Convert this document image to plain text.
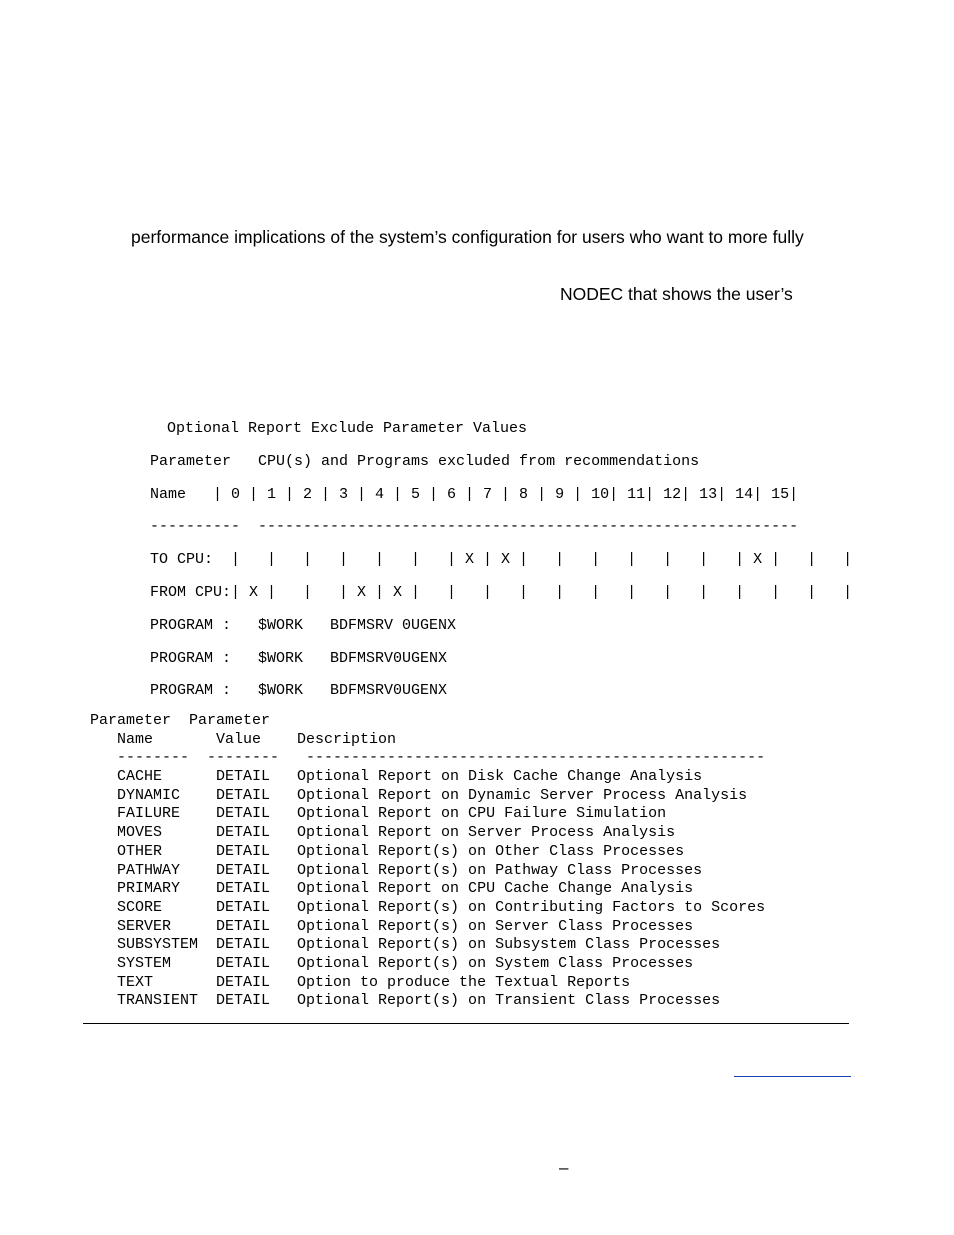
performance implications of the system’s configuration for users who want to more fully
NODEC that shows the user’s
Optional Report Exclude Parameter Values
Parameter   CPU(s) and Programs excluded from recommendations
Name   | 0 | 1 | 2 | 3 | 4 | 5 | 6 | 7 | 8 | 9 | 10| 11| 12| 13| 14| 15|
----------  ------------------------------------------------------------
TO CPU:  |   |   |   |   |   |   | X | X |   |   |   |   |   |   | X |   |   |
FROM CPU:| X |   |   | X | X |   |   |   |   |   |   |   |   |   |   |   |   |
PROGRAM :   $WORK   BDFMSRV 0UGENX
PROGRAM :   $WORK   BDFMSRV0UGENX
PROGRAM :   $WORK   BDFMSRV0UGENX
Parameter  Parameter
Name       Value    Description
--------  --------   ---------------------------------------------------
CACHE      DETAIL   Optional Report on Disk Cache Change Analysis
DYNAMIC    DETAIL   Optional Report on Dynamic Server Process Analysis
FAILURE    DETAIL   Optional Report on CPU Failure Simulation
MOVES      DETAIL   Optional Report on Server Process Analysis
OTHER      DETAIL   Optional Report(s) on Other Class Processes
PATHWAY    DETAIL   Optional Report(s) on Pathway Class Processes
PRIMARY    DETAIL   Optional Report on CPU Cache Change Analysis
SCORE      DETAIL   Optional Report(s) on Contributing Factors to Scores
SERVER     DETAIL   Optional Report(s) on Server Class Processes
SUBSYSTEM  DETAIL   Optional Report(s) on Subsystem Class Processes
SYSTEM     DETAIL   Optional Report(s) on System Class Processes
TEXT       DETAIL   Option to produce the Textual Reports
TRANSIENT  DETAIL   Optional Report(s) on Transient Class Processes
–
